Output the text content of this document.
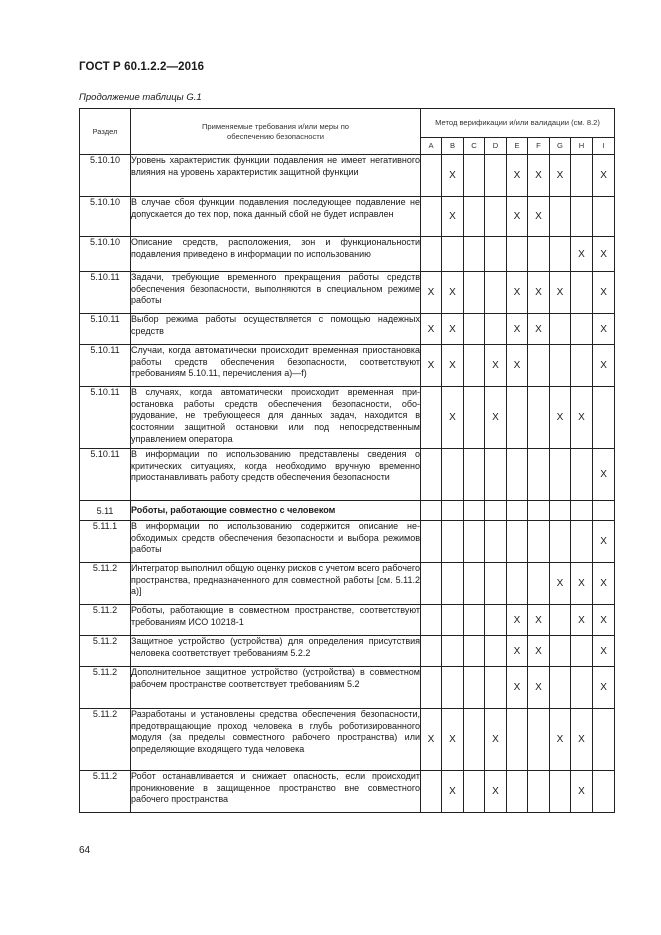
ГОСТ Р 60.1.2.2—2016
Продолжение таблицы G.1
Раздел	Применяемые требования и/или меры по обеспечению безопасности	Метод верификации и/или валидации (см. 8.2)								
		A	B	C	D	E	F	G	H	I
5.10.10	Уровень характеристик функции подавления не имеет негативного влияния на уровень характеристик защитной функции		X			X	X	X		X
5.10.10	В случае сбоя функции подавления последующее подавление не допускается до тех пор, пока данный сбой не будет исправлен		X			X	X			
5.10.10	Описание средств, расположения, зон и функциональности подавления приведено в информации по использованию								X	X
5.10.11	Задачи, требующие временного прекращения работы средств обеспечения безопасности, выполняются в специальном режиме работы	X	X			X	X	X		X
5.10.11	Выбор режима работы осуществляется с помощью надежных средств	X	X			X	X			X
5.10.11	Случаи, когда автоматически происходит временная приостановка работы средств обеспечения безопасности, соответствуют требованиям 5.10.11, перечисления а)—f)	X	X		X	X				X
5.10.11	В случаях, когда автоматически происходит временная приостановка работы средств обеспечения безопасности, оборудование, не требующееся для данных задач, находится в состоянии защитной остановки или под непосредственным управлением оператора		X		X			X	X	
5.10.11	В информации по использованию представлены сведения о критических ситуациях, когда необходимо вручную временно приостанавливать работу средств обеспечения безопасности									X
5.11	Роботы, работающие совместно с человеком									
5.11.1	В информации по использованию содержится описание необходимых средств обеспечения безопасности и выбора режимов работы									X
5.11.2	Интегратор выполнил общую оценку рисков с учетом всего рабочего пространства, предназначенного для совместной работы [см. 5.11.2 а)]							X	X	X
5.11.2	Роботы, работающие в совместном пространстве, соответствуют требованиям ИСО 10218-1					X	X		X	X
5.11.2	Защитное устройство (устройства) для определения присутствия человека соответствует требованиям 5.2.2					X	X			X
5.11.2	Дополнительное защитное устройство (устройства) в совместном рабочем пространстве соответствует требованиям 5.2					X	X			X
5.11.2	Разработаны и установлены средства обеспечения безопасности, предотвращающие проход человека в глубь роботизированного модуля (за пределы совместного рабочего пространства) или определяющие входящего туда человека	X	X		X			X	X	
5.11.2	Робот останавливается и снижает опасность, если происходит проникновение в защищенное пространство вне совместного рабочего пространства		X		X				X	
64
